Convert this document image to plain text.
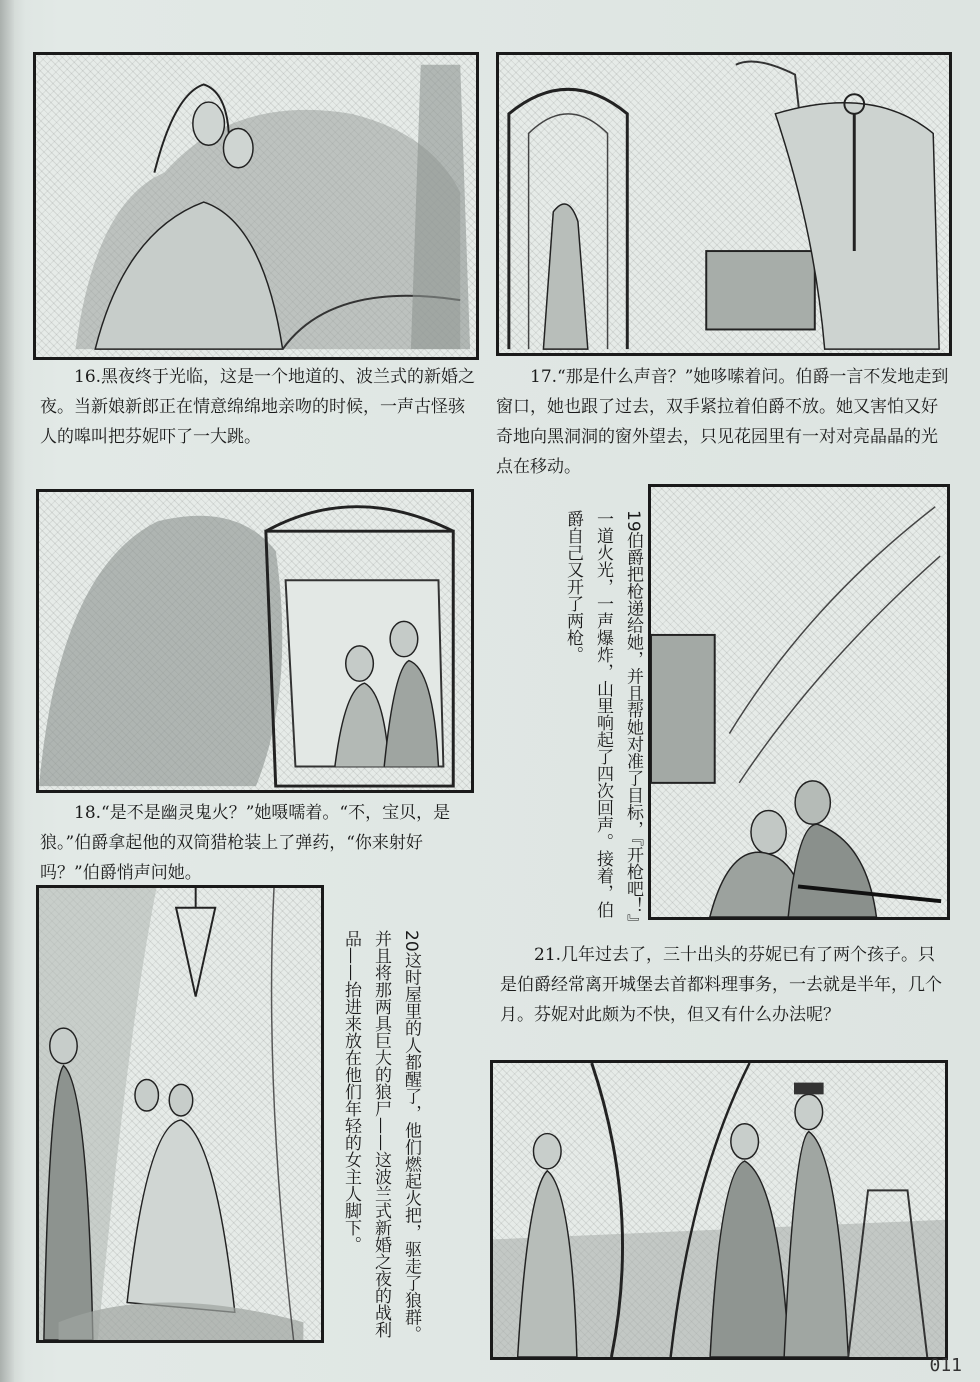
16.黑夜终于光临，这是一个地道的、波兰式的新婚之夜。当新娘新郎正在情意绵绵地亲吻的时候，一声古怪骇人的嗥叫把芬妮吓了一大跳。

17.“那是什么声音？”她哆嗦着问。伯爵一言不发地走到窗口，她也跟了过去，双手紧拉着伯爵不放。她又害怕又好奇地向黑洞洞的窗外望去，只见花园里有一对对亮晶晶的光点在移动。

18.“是不是幽灵鬼火？”她嗫嚅着。“不，宝贝，是狼。”伯爵拿起他的双筒猎枪装上了弹药，“你来射好吗？”伯爵悄声问她。

19伯爵把枪递给她，并且帮她对准了目标，『开枪吧！』一道火光，一声爆炸，山里响起了四次回声。接着，伯爵自己又开了两枪。
20这时屋里的人都醒了，他们燃起火把，驱走了狼群。并且将那两具巨大的狼尸——这波兰式新婚之夜的战利品——抬进来放在他们年轻的女主人脚下。	21.几年过去了，三十出头的芬妮已有了两个孩子。只是伯爵经常离开城堡去首都料理事务，一去就是半年，几个月。芬妮对此颇为不快，但又有什么办法呢？

011
